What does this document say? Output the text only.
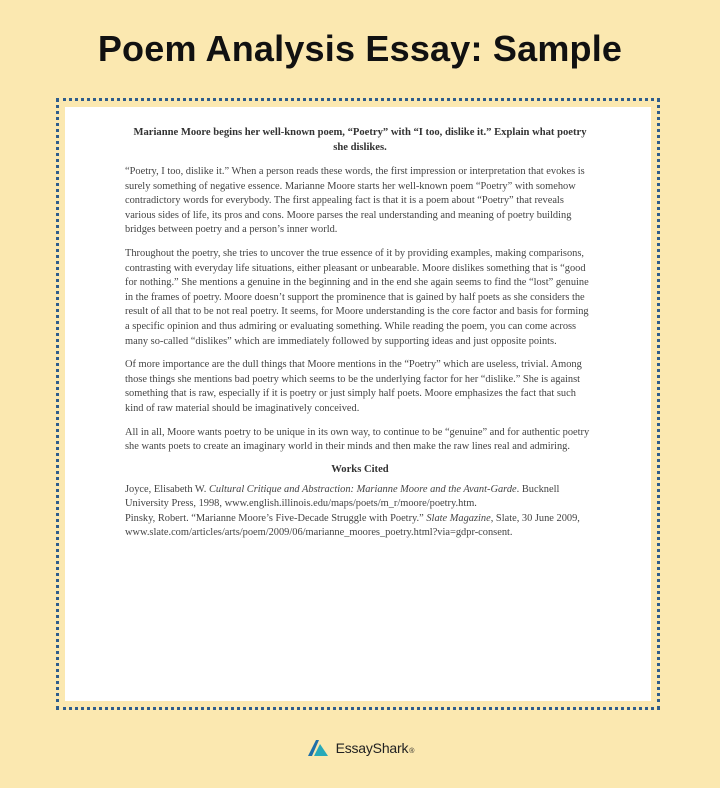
Poem Analysis Essay: Sample

Marianne Moore begins her well-known poem, “Poetry” with “I too, dislike it.” Explain what poetry she dislikes.

“Poetry, I too, dislike it.” When a person reads these words, the first impression or interpretation that evokes is surely something of negative essence. Marianne Moore starts her well-known poem “Poetry” with somehow contradictory words for everybody. The first appealing fact is that it is a poem about “Poetry” that reveals various sides of life, its pros and cons. Moore parses the real understanding and meaning of poetry building bridges between poetry and a person’s inner world.

Throughout the poetry, she tries to uncover the true essence of it by providing examples, making comparisons, contrasting with everyday life situations, either pleasant or unbearable. Moore dislikes something that is “good for nothing.” She mentions a genuine in the beginning and in the end she again seems to find the “lost” genuine in the frames of poetry. Moore doesn’t support the prominence that is gained by half poets as she considers the result of all that to be not real poetry. It seems, for Moore understanding is the core factor and basis for forming a specific opinion and thus admiring or evaluating something. While reading the poem, you can come across many so-called “dislikes” which are immediately followed by supporting ideas and just opposite points.

Of more importance are the dull things that Moore mentions in the “Poetry” which are useless, trivial. Among those things she mentions bad poetry which seems to be the underlying factor for her “dislike.” She is against something that is raw, especially if it is poetry or just simply half poets. Moore emphasizes the fact that such kind of raw material should be imaginatively conceived.

All in all, Moore wants poetry to be unique in its own way, to continue to be “genuine” and for authentic poetry she wants poets to create an imaginary world in their minds and then make the raw lines real and admiring.

Works Cited

Joyce, Elisabeth W. Cultural Critique and Abstraction: Marianne Moore and the Avant-Garde. Bucknell University Press, 1998, www.english.illinois.edu/maps/poets/m_r/moore/poetry.htm.

Pinsky, Robert. “Marianne Moore’s Five-Decade Struggle with Poetry.” Slate Magazine, Slate, 30 June 2009, www.slate.com/articles/arts/poem/2009/06/marianne_moores_poetry.html?via=gdpr-consent.

EssayShark ®
